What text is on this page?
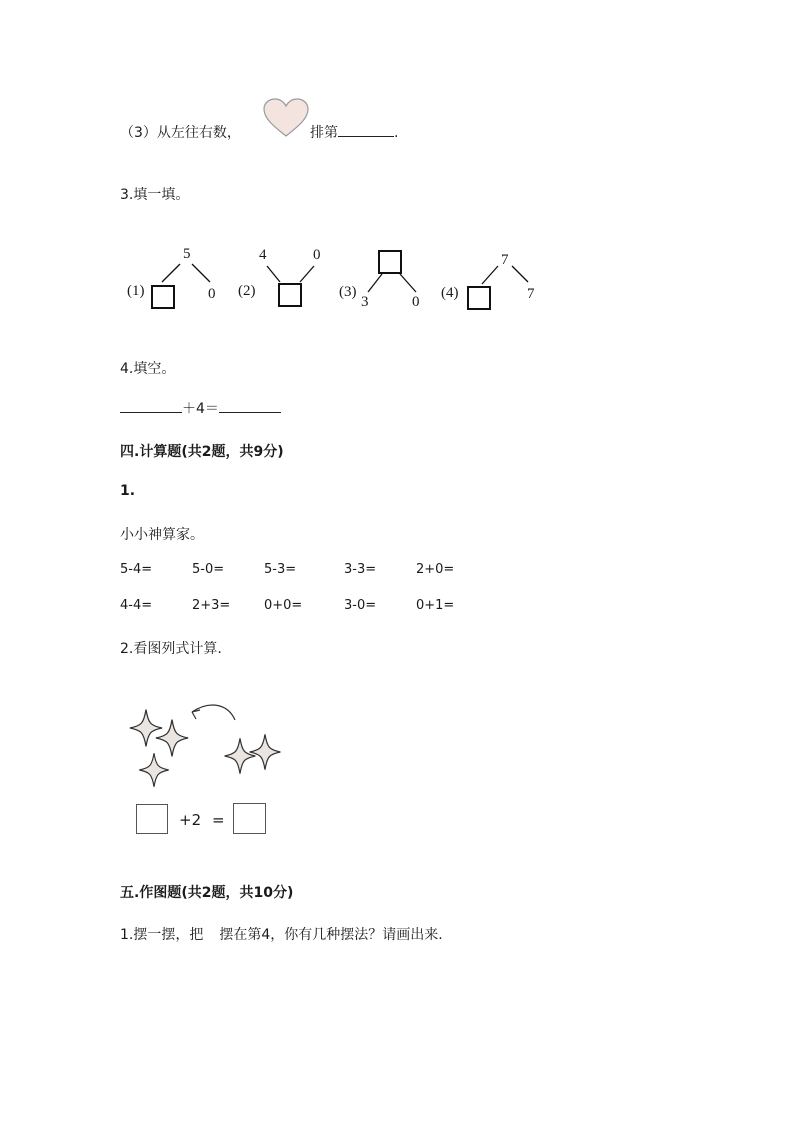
（3）从左往右数，	排第	.
3.填一填。
(1)
5
0 (2)
4	0
(3)
3	0
(4)
7
7
4.填空。
＋4＝
四.计算题(共2题，共9分)
1.
小小神算家。
5-4=	5-0=	5-3=	3-3=	2+0=
4-4=	2+3=	0+0=	3-0=	0+1=
2.看图列式计算.
+2 =
五.作图题(共2题，共10分)
1.摆一摆，把 摆在第4，你有几种摆法？请画出来.
